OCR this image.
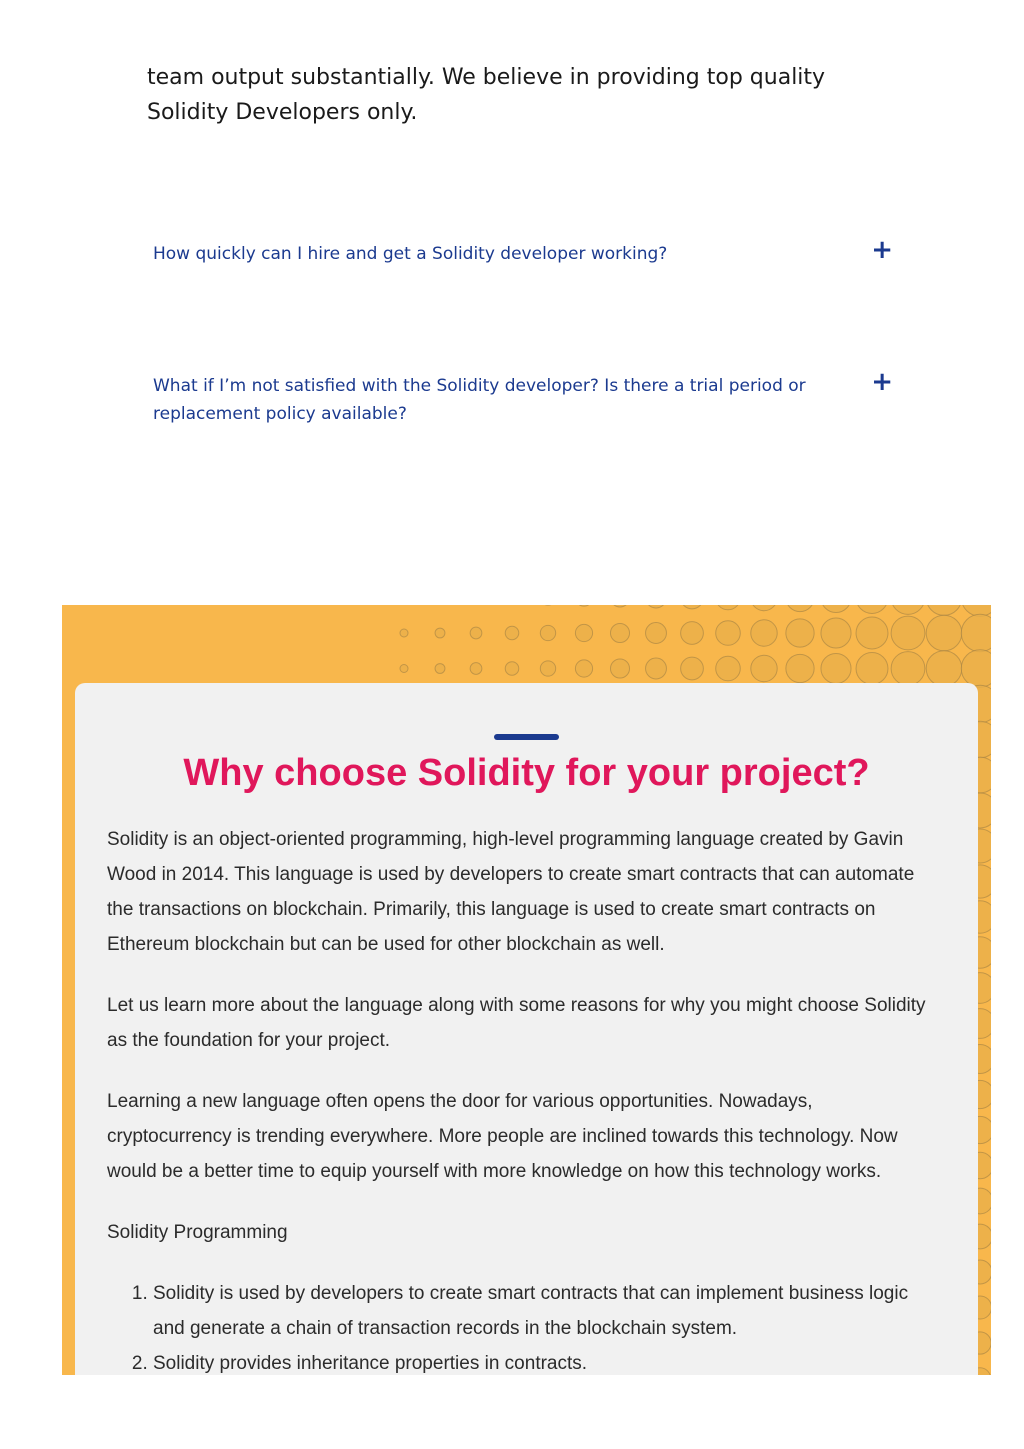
team output substantially. We believe in providing top quality Solidity Developers only.

How quickly can I hire and get a Solidity developer working?	+

What if I’m not satisfied with the Solidity developer? Is there a trial period or replacement policy available?

+
Why choose Solidity for your project?

Solidity is an object-oriented programming, high-level programming language created by Gavin Wood in 2014. This language is used by developers to create smart contracts that can automate the transactions on blockchain. Primarily, this language is used to create smart contracts on Ethereum blockchain but can be used for other blockchain as well.

Let us learn more about the language along with some reasons for why you might choose Solidity as the foundation for your project.

Learning a new language often opens the door for various opportunities. Nowadays, cryptocurrency is trending everywhere. More people are inclined towards this technology. Now would be a better time to equip yourself with more knowledge on how this technology works.

Solidity Programming

1. Solidity is used by developers to create smart contracts that can implement business logic and generate a chain of transaction records in the blockchain system.
2. Solidity provides inheritance properties in contracts.
